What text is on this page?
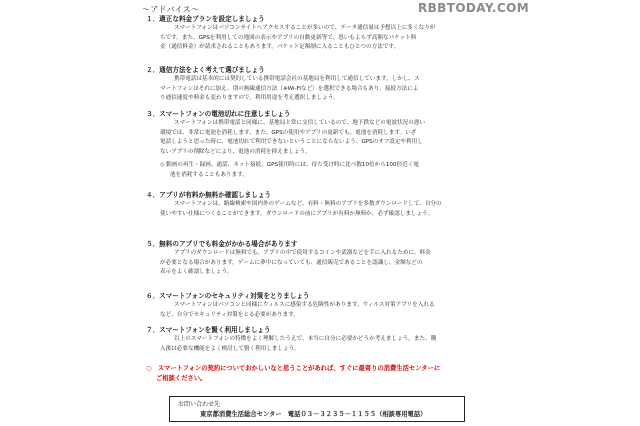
～アドバイス～	RBBTODAY.COM
１．適正な料金プランを設定しましょう
スマートフォンはパソコンサイトへアクセスすることが多いので、データ通信量は予想以上に多くなりが
ちです。また、GPSを利用しての地図の表示やアプリの自動更新等で、思いもよらず高額なパケット料
金（通信料金）が請求されることもあります。パケット定額制に入ることもひとつの方法です。
２．通信方法をよく考えて選びましょう
携帯電話は基本的には契約している携帯電話会社の基地局を利用して通信しています。しかし、ス
マートフォンはそれに加え、別の無線通信方法（※Wi-Fiなど）を選択できる場合もあり、接続方法によ
り通信速度や料金も変わりますので、利用用途を考え選択しましょう。
３．スマートフォンの電池切れに注意しましょう
スマートフォンは携帯電話と同様に、基地局と常に交信しているので、地下鉄などの電波状況の悪い
環境では、非常に電池を消耗します。また、GPSの使用やアプリの更新でも、電池を消耗します。いざ
電話しようと思った時に、電池切れで利用できないということにならないよう、GPSのオフ設定や利用し
ないアプリの削除などにより、電池の消耗を抑えましょう。
◇ 動画の再生・録画、通話、ネット接続、GPS使用時には、待ち受け時に比べ数10倍から100倍近く電
池を消耗することもあります。
４．アプリが有料か無料か確認しましょう
スマートフォンは、路線検索や国内外のゲームなど、有料・無料のアプリを多数ダウンロードして、自分の
使いやすい仕様につくることができます。ダウンロードの前にアプリが有料か無料か、必ず確認しましょう。
５．無料のアプリでも料金がかかる場合があります
アプリのダウンロードは無料でも、アプリの中で使用するコインや武器などを手に入れるために、料金
が必要となる場合があります。ゲームに夢中になっていても、通信販売であることを認識し、金額などの
表示をよく確認しましょう。
６．スマートフォンのセキュリティ対策をとりましょう
スマートフォンはパソコンと同様にウィルスに感染する危険性があります。ウィルス対策アプリを入れる
など、自分でセキュリティ対策をとる必要があります。
７．スマートフォンを賢く利用しましょう
以上のスマートフォンの特徴をよく理解したうえで、本当に自分に必要かどうか考えましょう。また、購
入後は必要な機能をよく検討して賢く利用しましょう。
○　スマートフォンの契約についておかしいなと思うことがあれば、すぐに最寄りの消費生活センターに
ご相談ください。
お問い合わせ先
東京都消費生活総合センター　電話０３－３２３５－１１５５（相談専用電話）
